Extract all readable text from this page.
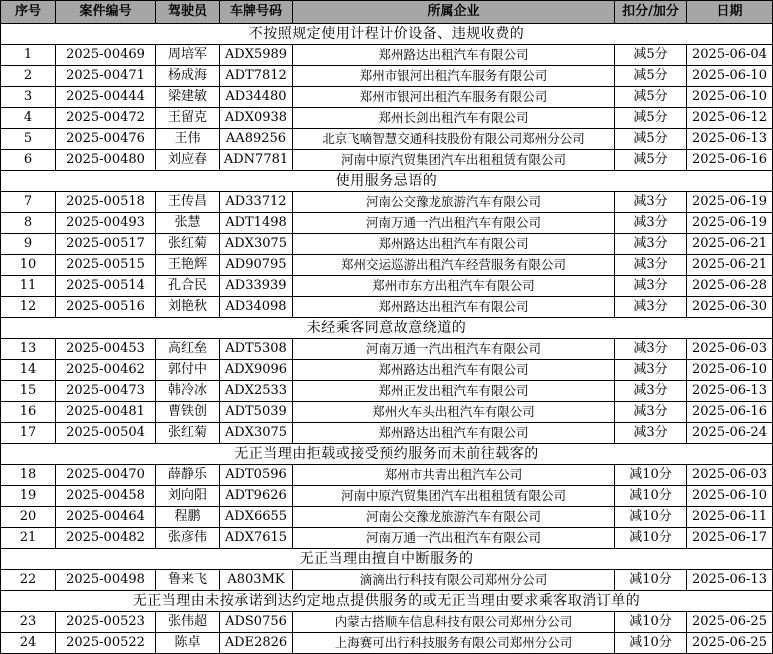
序号	案件编号	驾驶员	车牌号码	所属企业	扣分/加分	日期
不按照规定使用计程计价设备、违规收费的						
1	2025-00469	周培军	ADX5989	郑州路达出租汽车有限公司	减5分	2025-06-04
2	2025-00471	杨成海	ADT7812	郑州市银河出租汽车服务有限公司	减5分	2025-06-10
3	2025-00444	梁建敏	AD34480	郑州市银河出租汽车服务有限公司	减5分	2025-06-10
4	2025-00472	王留克	ADX0938	郑州长剑出租汽车有限公司	减5分	2025-06-12
5	2025-00476	王伟	AA89256	北京飞嘀智慧交通科技股份有限公司郑州分公司	减5分	2025-06-13
6	2025-00480	刘应春	ADN7781	河南中原汽贸集团汽车出租租赁有限公司	减5分	2025-06-16
使用服务忌语的						
7	2025-00518	王传昌	AD33712	河南公交豫龙旅游汽车有限公司	减3分	2025-06-19
8	2025-00493	张慧	ADT1498	河南万通一汽出租汽车有限公司	减3分	2025-06-19
9	2025-00517	张红菊	ADX3075	郑州路达出租汽车有限公司	减3分	2025-06-21
10	2025-00515	王艳辉	AD90795	郑州交运巡游出租汽车经营服务有限公司	减3分	2025-06-21
11	2025-00514	孔合民	AD33939	郑州市东方出租汽车有限公司	减3分	2025-06-28
12	2025-00516	刘艳秋	AD34098	郑州路达出租汽车有限公司	减3分	2025-06-30
未经乘客同意故意绕道的						
13	2025-00453	高红垒	ADT5308	河南万通一汽出租汽车有限公司	减3分	2025-06-03
14	2025-00462	郭付中	ADX9096	郑州路达出租汽车有限公司	减3分	2025-06-10
15	2025-00473	韩冷冰	ADX2533	郑州正发出租汽车有限公司	减3分	2025-06-13
16	2025-00481	曹铁创	ADT5039	郑州火车头出租汽车有限公司	减3分	2025-06-16
17	2025-00504	张红菊	ADX3075	郑州路达出租汽车有限公司	减3分	2025-06-24
无正当理由拒载或接受预约服务而未前往载客的						
18	2025-00470	薛静乐	ADT0596	郑州市共青出租汽车公司	减10分	2025-06-03
19	2025-00458	刘向阳	ADT9626	河南中原汽贸集团汽车出租租赁有限公司	减10分	2025-06-10
20	2025-00464	程鹏	ADX6655	河南公交豫龙旅游汽车有限公司	减10分	2025-06-11
21	2025-00482	张彦伟	ADX7615	河南万通一汽出租汽车有限公司	减10分	2025-06-17
无正当理由擅自中断服务的						
22	2025-00498	鲁来飞	A803MK	滴滴出行科技有限公司郑州分公司	减10分	2025-06-13
无正当理由未按承诺到达约定地点提供服务的或无正当理由要求乘客取消订单的						
23	2025-00523	张伟超	ADS0756	内蒙古搭顺车信息科技有限公司郑州分公司	减10分	2025-06-25
24	2025-00522	陈卓	ADE2826	上海赛可出行科技服务有限公司郑州分公司	减10分	2025-06-25
